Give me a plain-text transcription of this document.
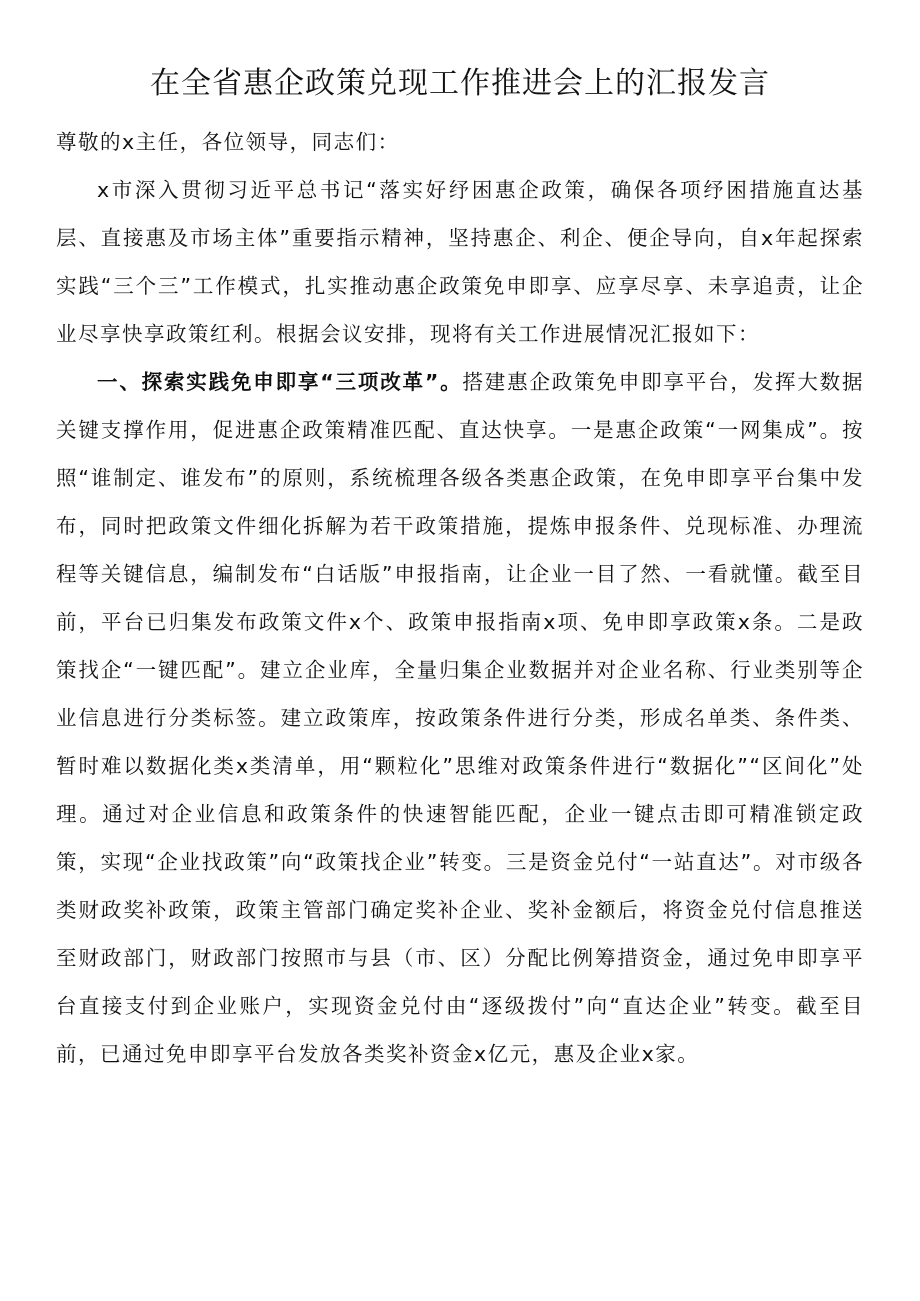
在全省惠企政策兑现工作推进会上的汇报发言

尊敬的x主任，各位领导，同志们：

x市深入贯彻习近平总书记“落实好纾困惠企政策，确保各项纾困措施直达基层、直接惠及市场主体”重要指示精神，坚持惠企、利企、便企导向，自x年起探索实践“三个三”工作模式，扎实推动惠企政策免申即享、应享尽享、未享追责，让企业尽享快享政策红利。根据会议安排，现将有关工作进展情况汇报如下：

一、探索实践免申即享“三项改革”。搭建惠企政策免申即享平台，发挥大数据关键支撑作用，促进惠企政策精准匹配、直达快享。一是惠企政策“一网集成”。按照“谁制定、谁发布”的原则，系统梳理各级各类惠企政策，在免申即享平台集中发布，同时把政策文件细化拆解为若干政策措施，提炼申报条件、兑现标准、办理流程等关键信息，编制发布“白话版”申报指南，让企业一目了然、一看就懂。截至目前，平台已归集发布政策文件x个、政策申报指南x项、免申即享政策x条。二是政策找企“一键匹配”。建立企业库，全量归集企业数据并对企业名称、行业类别等企业信息进行分类标签。建立政策库，按政策条件进行分类，形成名单类、条件类、暂时难以数据化类x类清单，用“颗粒化”思维对政策条件进行“数据化”“区间化”处理。通过对企业信息和政策条件的快速智能匹配，企业一键点击即可精准锁定政策，实现“企业找政策”向“政策找企业”转变。三是资金兑付“一站直达”。对市级各类财政奖补政策，政策主管部门确定奖补企业、奖补金额后，将资金兑付信息推送至财政部门，财政部门按照市与县（市、区）分配比例筹措资金，通过免申即享平台直接支付到企业账户，实现资金兑付由“逐级拨付”向“直达企业”转变。截至目前，已通过免申即享平台发放各类奖补资金x亿元，惠及企业x家。
